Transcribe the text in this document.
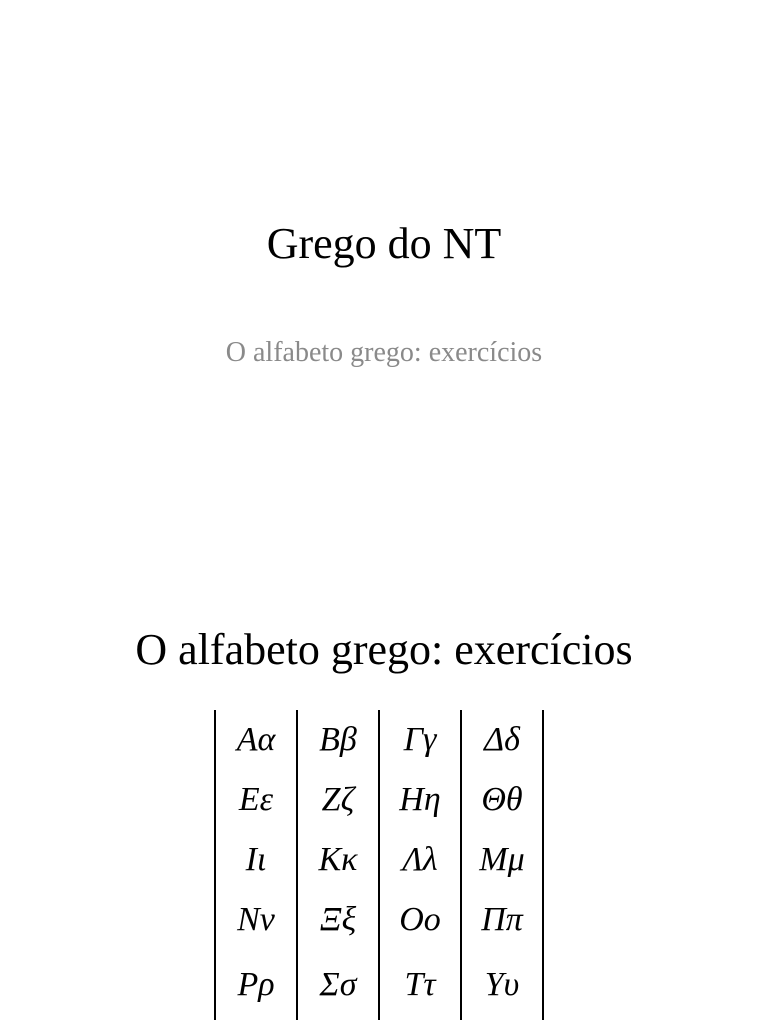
Grego do NT
O alfabeto grego: exercícios
O alfabeto grego: exercícios
Αα	Ββ	Γγ	Δδ
Εε	Ζζ	Ηη	Θθ
Ιι	Κκ	Λλ	Μμ
Νν	Ξξ	Οο	Ππ
Ρρ	Σσ	Ττ	Υυ
